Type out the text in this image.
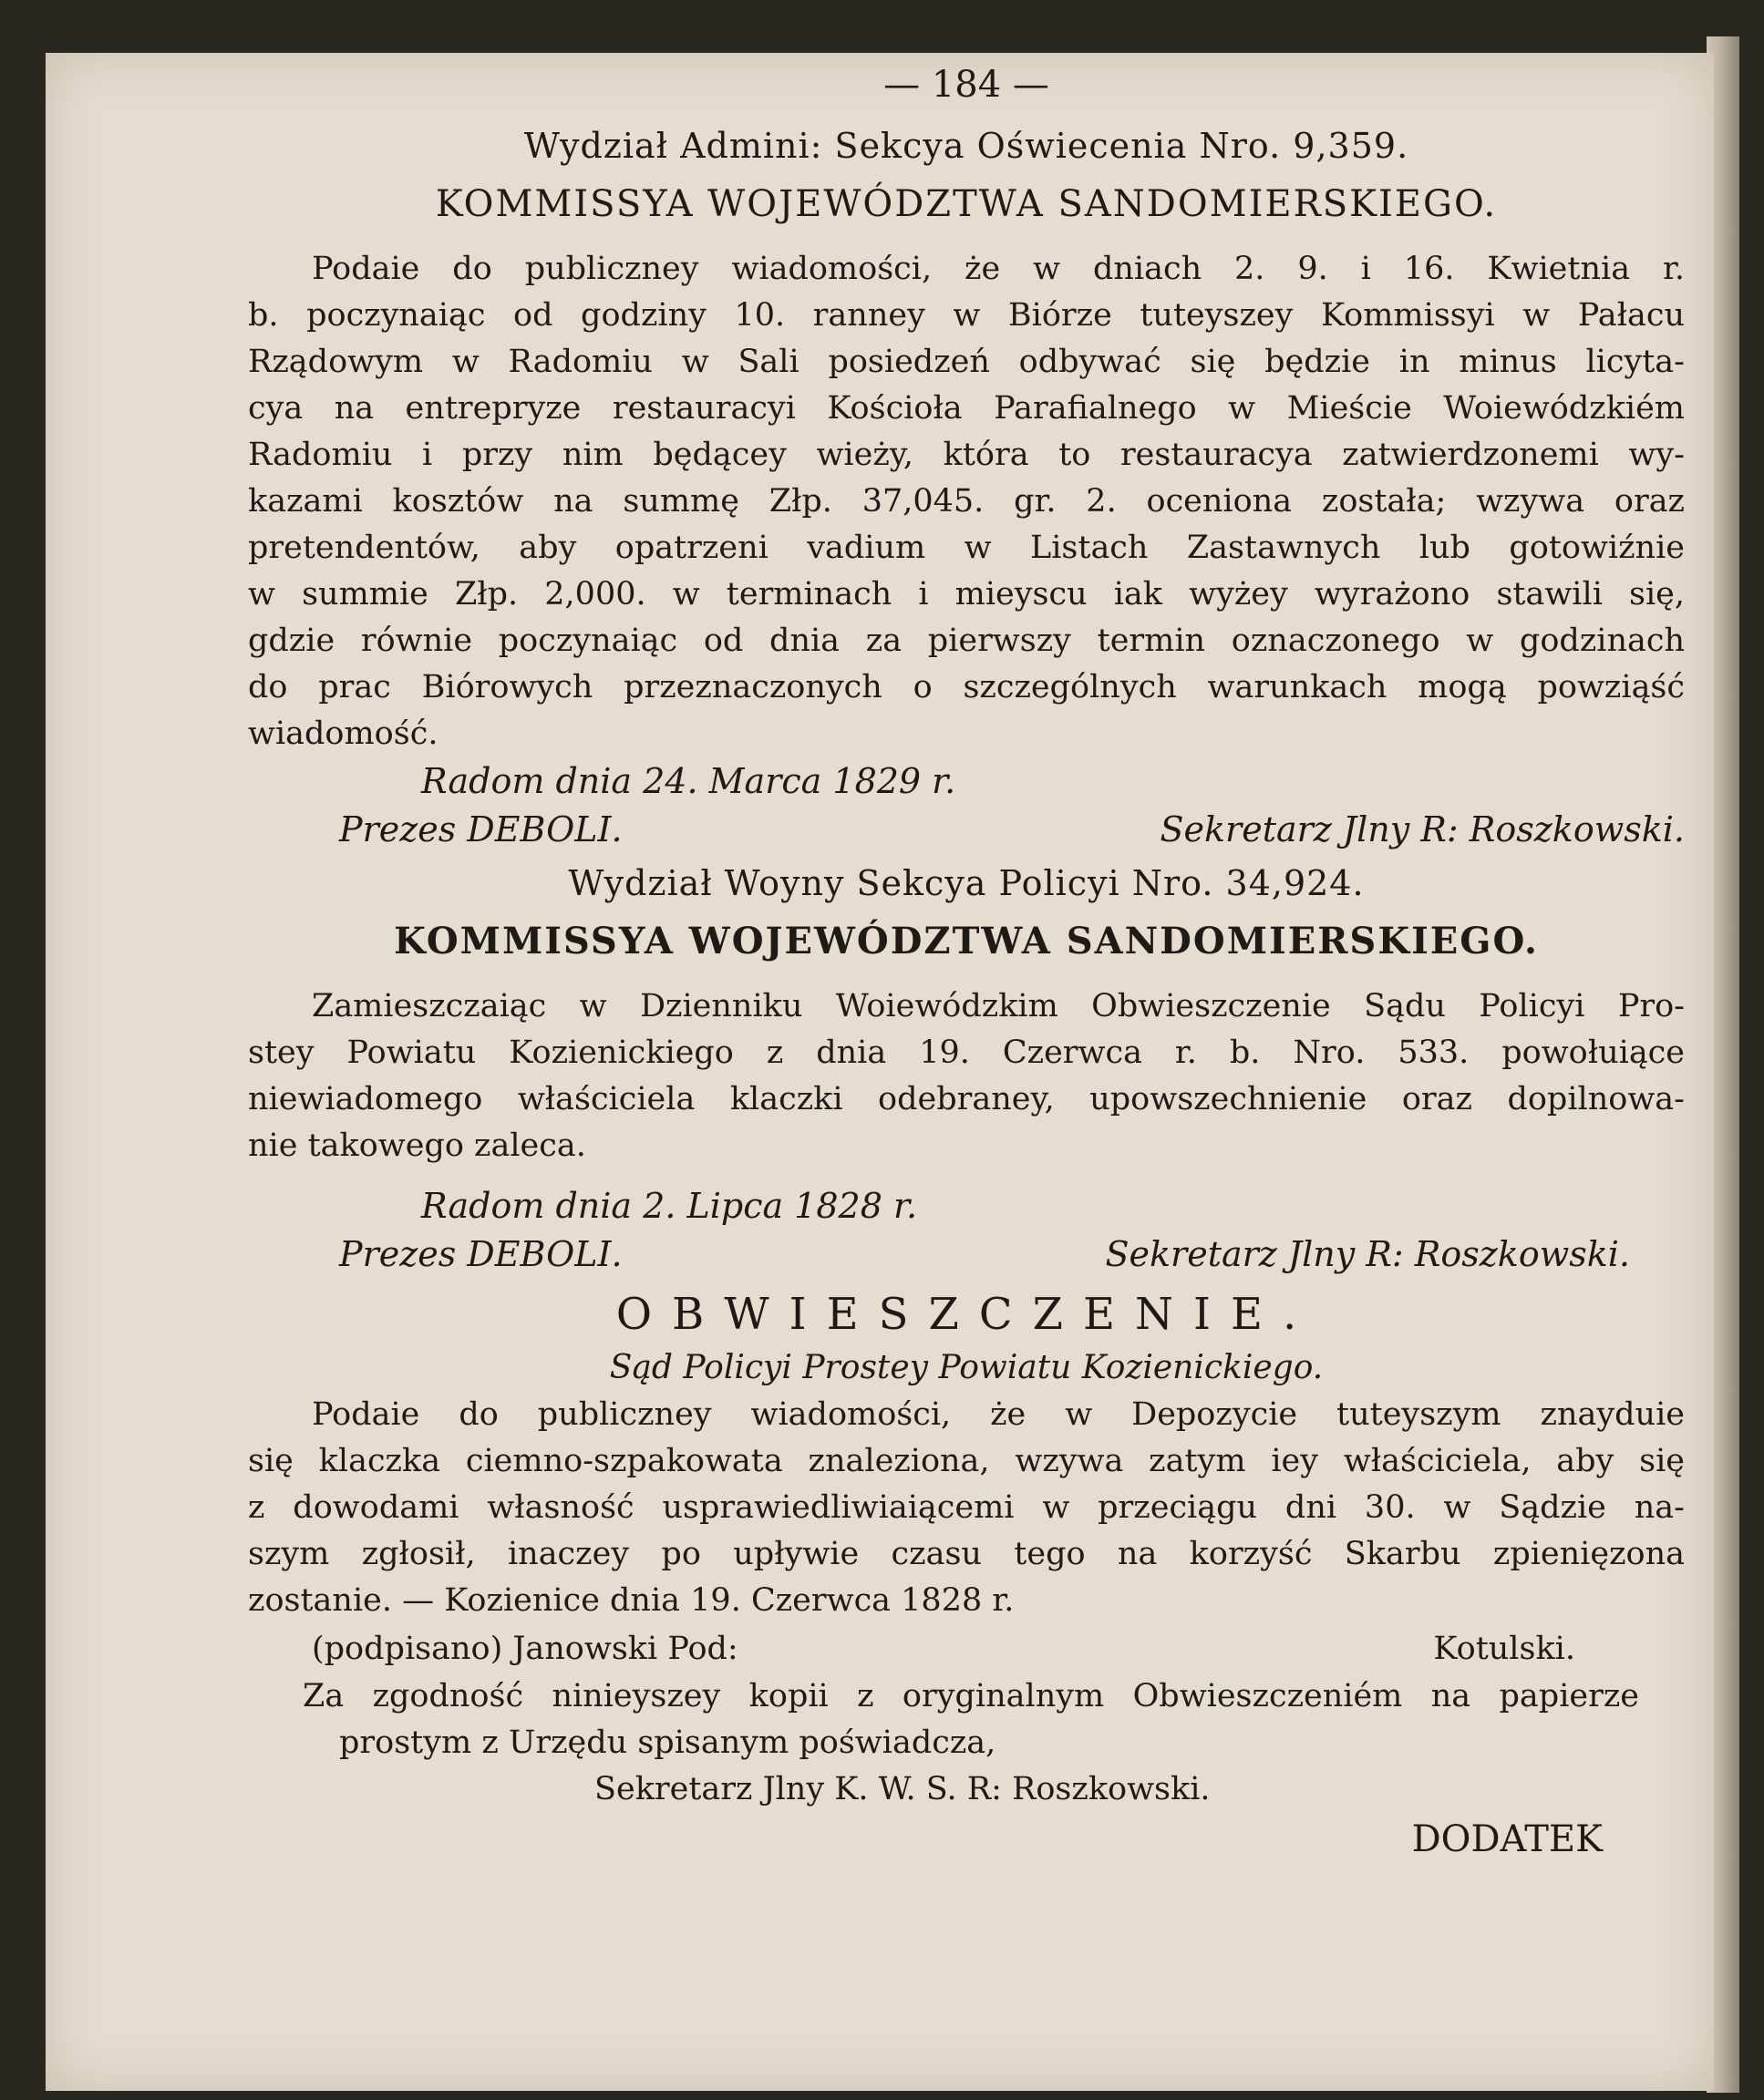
— 184 —
Wydział Admini: Sekcya Oświecenia Nro. 9,359.
KOMMISSYA WOJEWÓDZTWA SANDOMIERSKIEGO.
Podaie do publiczney wiadomości, że w dniach 2. 9. i 16. Kwietnia r.
b. poczynaiąc od godziny 10. ranney w Biórze tuteyszey Kommissyi w Pałacu
Rządowym w Radomiu w Sali posiedzeń odbywać się będzie in minus licyta-
cya na entrepryze restauracyi Kościoła Parafialnego w Mieście Woiewódzkiém
Radomiu i przy nim będącey wieży, która to restauracya zatwierdzonemi wy-
kazami kosztów na summę Złp. 37,045. gr. 2. oceniona została; wzywa oraz
pretendentów, aby opatrzeni vadium w Listach Zastawnych lub gotowiźnie
w summie Złp. 2,000. w terminach i mieyscu iak wyżey wyrażono stawili się,
gdzie równie poczynaiąc od dnia za pierwszy termin oznaczonego w godzinach
do prac Biórowych przeznaczonych o szczególnych warunkach mogą powziąść
wiadomość.
Radom dnia 24. Marca 1829 r.
Prezes DEBOLI.	Sekretarz Jlny R: Roszkowski.
Wydział Woyny Sekcya Policyi Nro. 34,924.
KOMMISSYA WOJEWÓDZTWA SANDOMIERSKIEGO.
Zamieszczaiąc w Dzienniku Woiewódzkim Obwieszczenie Sądu Policyi Pro-
stey Powiatu Kozienickiego z dnia 19. Czerwca r. b. Nro. 533. powołuiące
niewiadomego właściciela klaczki odebraney, upowszechnienie oraz dopilnowa-
nie takowego zaleca.
Radom dnia 2. Lipca 1828 r.
Prezes DEBOLI.	Sekretarz Jlny R: Roszkowski.
OBWIESZCZENIE.
Sąd Policyi Prostey Powiatu Kozienickiego.
Podaie do publiczney wiadomości, że w Depozycie tuteyszym znayduie
się klaczka ciemno-szpakowata znaleziona, wzywa zatym iey właściciela, aby się
z dowodami własność usprawiedliwiaiącemi w przeciągu dni 30. w Sądzie na-
szym zgłosił, inaczey po upływie czasu tego na korzyść Skarbu zpienięzona
zostanie. — Kozienice dnia 19. Czerwca 1828 r.
(podpisano) Janowski Pod:	Kotulski.
Za zgodność ninieyszey kopii z oryginalnym Obwieszczeniém na papierze
prostym z Urzędu spisanym poświadcza,
Sekretarz Jlny K. W. S. R: Roszkowski.
DODATEK
